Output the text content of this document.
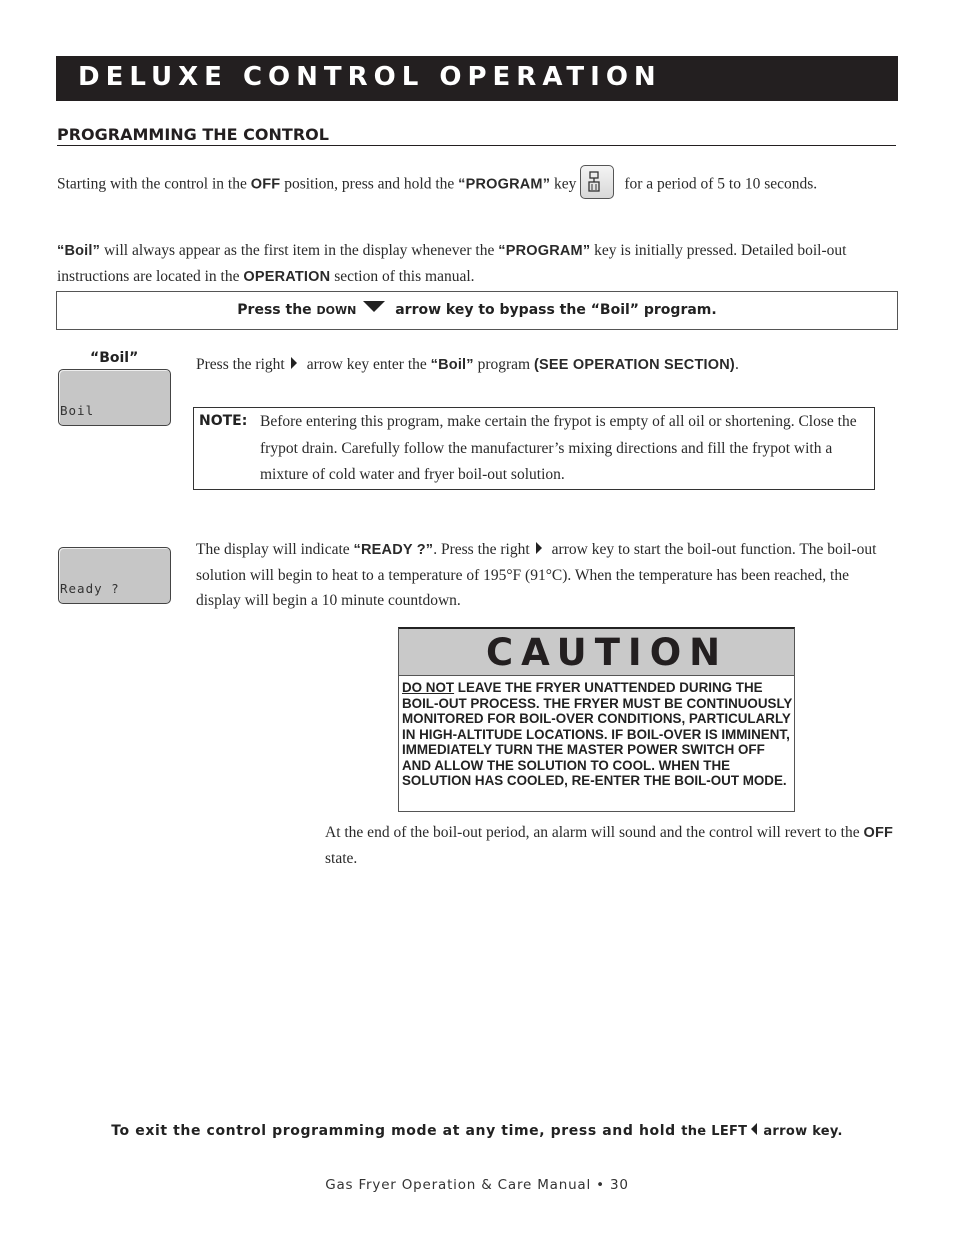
DELUXE CONTROL OPERATION
PROGRAMMING THE CONTROL
Starting with the control in the OFF position, press and hold the “PROGRAM” key	for a period of 5 to 10 seconds.
“Boil” will always appear as the first item in the display whenever the “PROGRAM” key is initially pressed. Detailed boil-out instructions are located in the OPERATION section of this manual.
Press the DOWN	arrow key to bypass the “Boil” program.
“Boil”
Boil
Press the right arrow key enter the “Boil” program (SEE OPERATION SECTION).
NOTE: Before entering this program, make certain the frypot is empty of all oil or shortening. Close the frypot drain. Carefully follow the manufacturer’s mixing directions and fill the frypot with a mixture of cold water and fryer boil-out solution.
Ready ?
The display will indicate “READY ?”. Press the right arrow key to start the boil-out function. The boil-out solution will begin to heat to a temperature of 195°F (91°C). When the temperature has been reached, the display will begin a 10 minute countdown.
CAUTION
DO NOT LEAVE THE FRYER UNATTENDED DURING THE BOIL-OUT PROCESS. THE FRYER MUST BE CONTINUOUSLY MONITORED FOR BOIL-OVER CONDITIONS, PARTICULARLY IN HIGH-ALTITUDE LOCATIONS. IF BOIL-OVER IS IMMINENT, IMMEDIATELY TURN THE MASTER POWER SWITCH OFF AND ALLOW THE SOLUTION TO COOL. WHEN THE SOLUTION HAS COOLED, RE-ENTER THE BOIL-OUT MODE.
At the end of the boil-out period, an alarm will sound and the control will revert to the OFF state.
To exit the control programming mode at any time, press and hold the LEFT arrow key.
Gas Fryer Operation & Care Manual • 30
